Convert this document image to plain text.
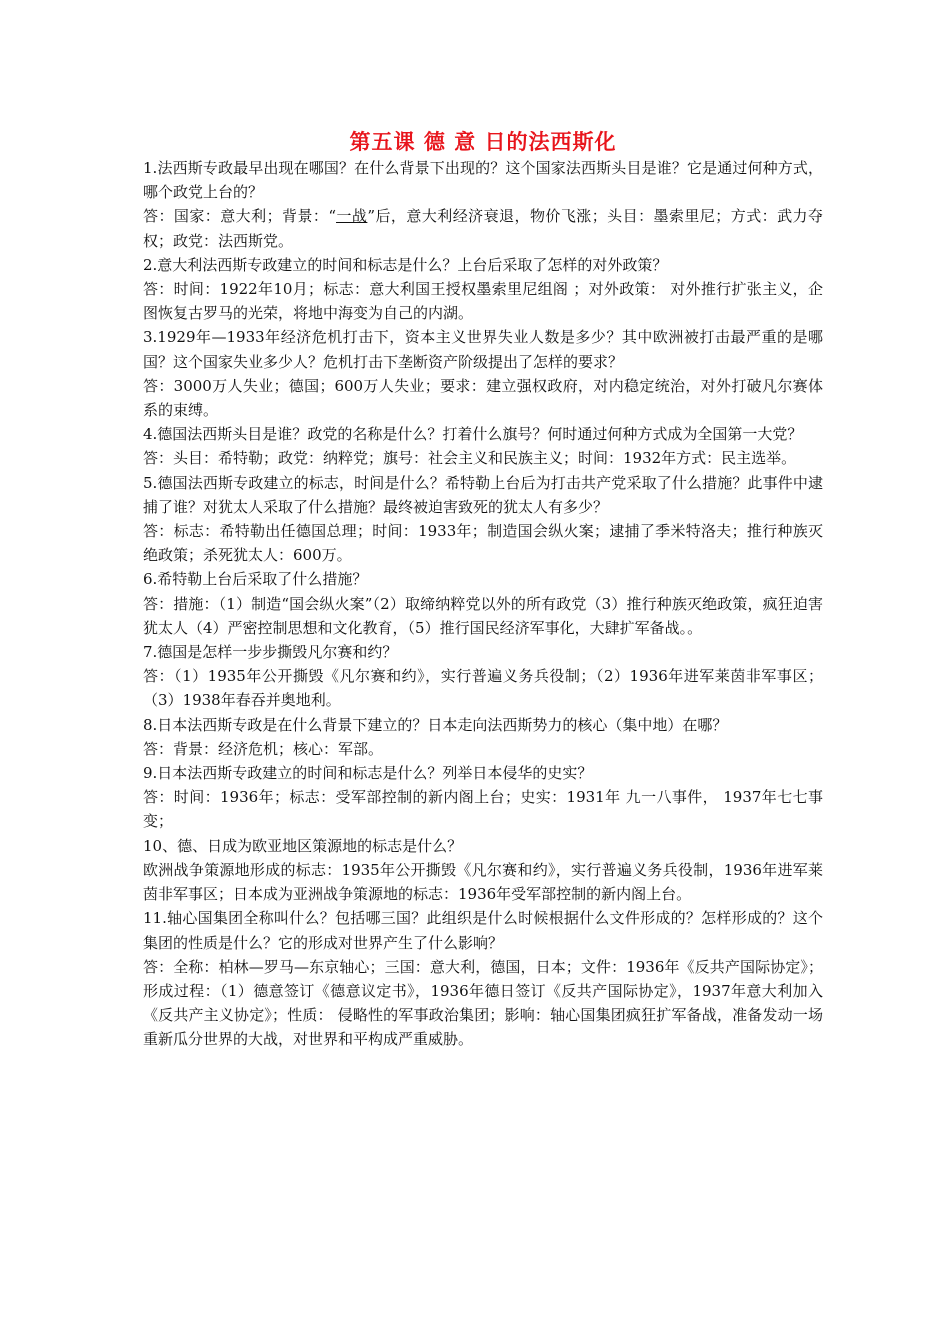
第五课 德 意 日的法西斯化

1.法西斯专政最早出现在哪国？在什么背景下出现的？这个国家法西斯头目是谁？它是通过何种方式，哪个政党上台的？

答：国家：意大利；背景：“一战”后，意大利经济衰退，物价飞涨；头目：墨索里尼；方式：武力夺权；政党：法西斯党。

2.意大利法西斯专政建立的时间和标志是什么？上台后采取了怎样的对外政策？

答：时间：1922年10月；标志：意大利国王授权墨索里尼组阁 ；对外政策： 对外推行扩张主义，企图恢复古罗马的光荣，将地中海变为自己的内湖。

3.1929年—1933年经济危机打击下，资本主义世界失业人数是多少？其中欧洲被打击最严重的是哪国？这个国家失业多少人？危机打击下垄断资产阶级提出了怎样的要求？

答：3000万人失业；德国；600万人失业；要求：建立强权政府，对内稳定统治，对外打破凡尔赛体系的束缚。

4.德国法西斯头目是谁？政党的名称是什么？打着什么旗号？何时通过何种方式成为全国第一大党？

答：头目：希特勒；政党：纳粹党；旗号：社会主义和民族主义；时间：1932年方式：民主选举。

5.德国法西斯专政建立的标志，时间是什么？希特勒上台后为打击共产党采取了什么措施？此事件中逮捕了谁？对犹太人采取了什么措施？最终被迫害致死的犹太人有多少？

答：标志：希特勒出任德国总理；时间：1933年；制造国会纵火案；逮捕了季米特洛夫；推行种族灭绝政策；杀死犹太人：600万。

6.希特勒上台后采取了什么措施？

答：措施：（1）制造“国会纵火案”（2）取缔纳粹党以外的所有政党（3）推行种族灭绝政策，疯狂迫害犹太人（4）严密控制思想和文化教育，（5）推行国民经济军事化，大肆扩军备战。。

7.德国是怎样一步步撕毁凡尔赛和约？

答：（1）1935年公开撕毁《凡尔赛和约》，实行普遍义务兵役制；（2）1936年进军莱茵非军事区；（3）1938年春吞并奥地利。

8.日本法西斯专政是在什么背景下建立的？日本走向法西斯势力的核心（集中地）在哪？

答：背景：经济危机；核心：军部。

9.日本法西斯专政建立的时间和标志是什么？列举日本侵华的史实？

答：时间：1936年；标志：受军部控制的新内阁上台；史实：1931年 九一八事件， 1937年七七事变；

10、德、日成为欧亚地区策源地的标志是什么？

欧洲战争策源地形成的标志：1935年公开撕毁《凡尔赛和约》，实行普遍义务兵役制，1936年进军莱茵非军事区；日本成为亚洲战争策源地的标志：1936年受军部控制的新内阁上台。

11.轴心国集团全称叫什么？包括哪三国？此组织是什么时候根据什么文件形成的？怎样形成的？这个集团的性质是什么？它的形成对世界产生了什么影响？

答：全称：柏林—罗马—东京轴心；三国：意大利，德国，日本；文件：1936年《反共产国际协定》；形成过程：（1）德意签订《德意议定书》，1936年德日签订《反共产国际协定》，1937年意大利加入《反共产主义协定》；性质： 侵略性的军事政治集团；影响：轴心国集团疯狂扩军备战，准备发动一场重新瓜分世界的大战，对世界和平构成严重威胁。
